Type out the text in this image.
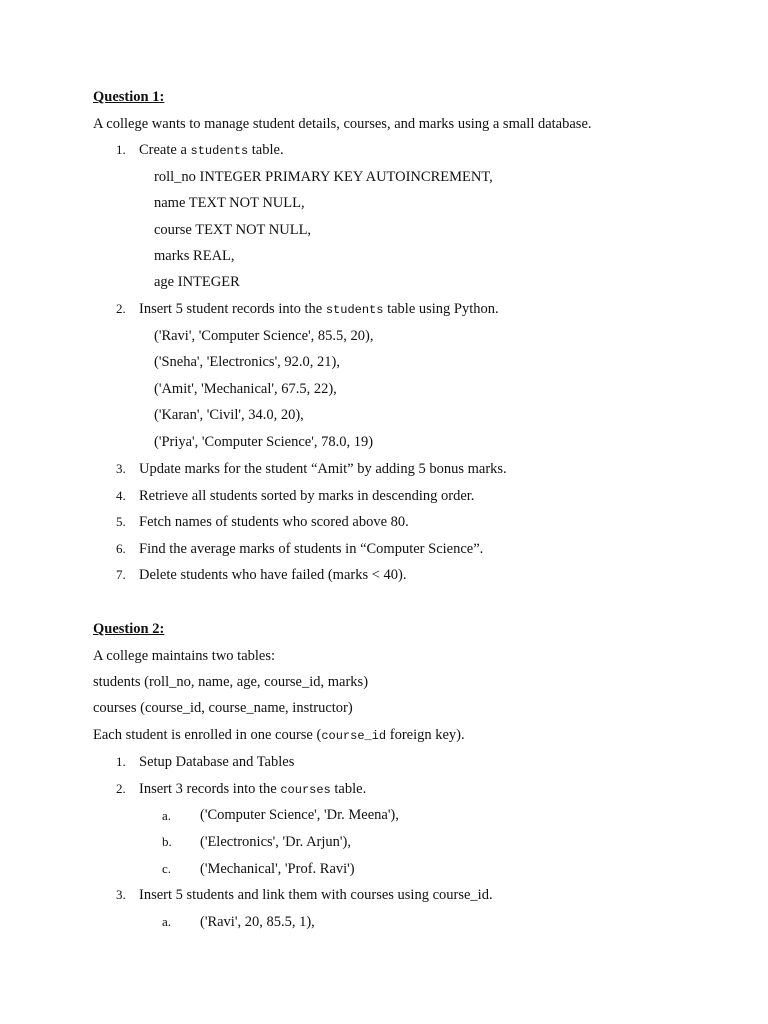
Question 1:
A college wants to manage student details, courses, and marks using a small database.
1. Create a students table.
roll_no INTEGER PRIMARY KEY AUTOINCREMENT,
name TEXT NOT NULL,
course TEXT NOT NULL,
marks REAL,
age INTEGER
2. Insert 5 student records into the students table using Python.
('Ravi', 'Computer Science', 85.5, 20),
('Sneha', 'Electronics', 92.0, 21),
('Amit', 'Mechanical', 67.5, 22),
('Karan', 'Civil', 34.0, 20),
('Priya', 'Computer Science', 78.0, 19)
3. Update marks for the student “Amit” by adding 5 bonus marks.
4. Retrieve all students sorted by marks in descending order.
5. Fetch names of students who scored above 80.
6. Find the average marks of students in “Computer Science”.
7. Delete students who have failed (marks < 40).
Question 2:
A college maintains two tables:
students (roll_no, name, age, course_id, marks)
courses (course_id, course_name, instructor)
Each student is enrolled in one course (course_id foreign key).
1. Setup Database and Tables
2. Insert 3 records into the courses table.
a. ('Computer Science', 'Dr. Meena'),
b. ('Electronics', 'Dr. Arjun'),
c. ('Mechanical', 'Prof. Ravi')
3. Insert 5 students and link them with courses using course_id.
a. ('Ravi', 20, 85.5, 1),
